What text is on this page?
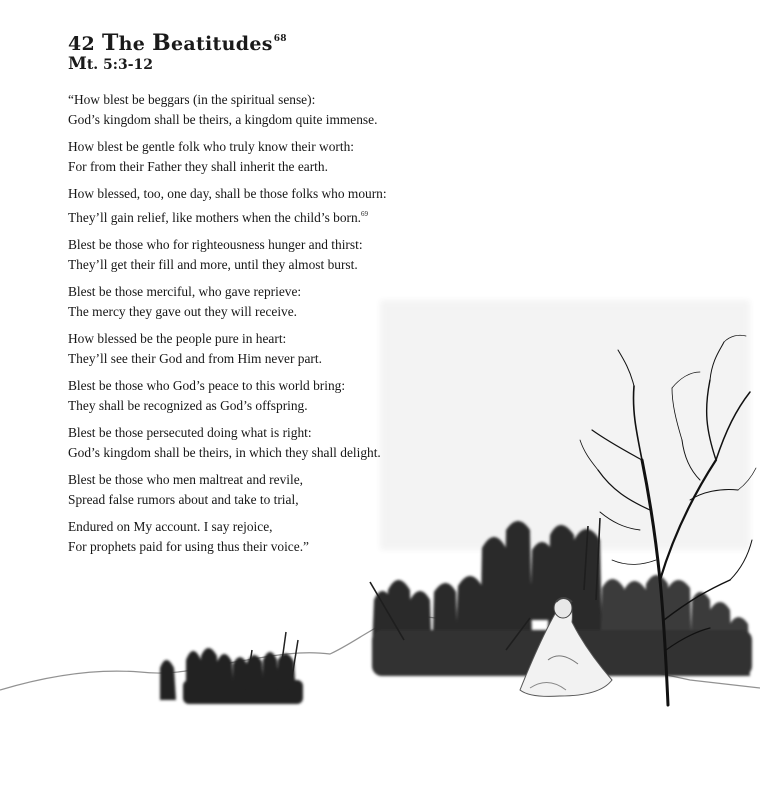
42 The Beatitudes$^{68}$
Mt. 5:3-12
“How blest be beggars (in the spiritual sense):
God’s kingdom shall be theirs, a kingdom quite immense.
How blest be gentle folk who truly know their worth:
For from their Father they shall inherit the earth.
How blessed, too, one day, shall be those folks who mourn:
They’ll gain relief, like mothers when the child’s born.$^{69}$
Blest be those who for righteousness hunger and thirst:
They’ll get their fill and more, until they almost burst.
Blest be those merciful, who gave reprieve:
The mercy they gave out they will receive.
How blessed be the people pure in heart:
They’ll see their God and from Him never part.
Blest be those who God’s peace to this world bring:
They shall be recognized as God’s offspring.
Blest be those persecuted doing what is right:
God’s kingdom shall be theirs, in which they shall delight.
Blest be those who men maltreat and revile,
Spread false rumors about and take to trial,
Endured on My account. I say rejoice,
For prophets paid for using thus their voice.”
